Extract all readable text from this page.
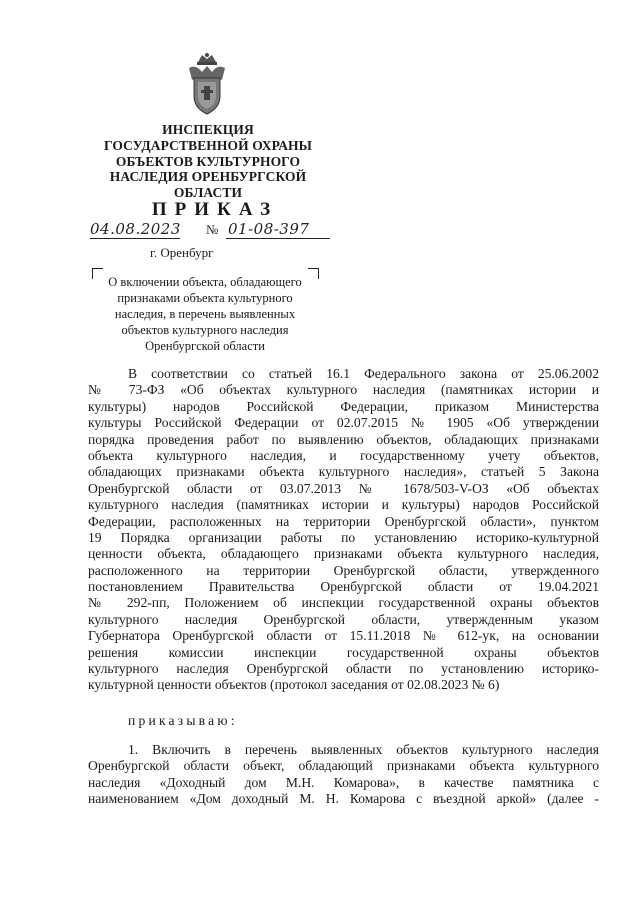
ИНСПЕКЦИЯ
ГОСУДАРСТВЕННОЙ ОХРАНЫ
ОБЪЕКТОВ КУЛЬТУРНОГО
НАСЛЕДИЯ ОРЕНБУРГСКОЙ
ОБЛАСТИ
ПРИКАЗ
04.08.2023 № 01-08-397
г. Оренбург
О включении объекта, обладающего
признаками объекта культурного
наследия, в перечень выявленных
объектов культурного наследия
Оренбургской области
В соответствии со статьей 16.1 Федерального закона от 25.06.2002
№ 73-ФЗ «Об объектах культурного наследия (памятниках истории и
культуры) народов Российской Федерации, приказом Министерства
культуры Российской Федерации от 02.07.2015 № 1905 «Об утверждении
порядка проведения работ по выявлению объектов, обладающих признаками
объекта культурного наследия, и государственному учету объектов,
обладающих признаками объекта культурного наследия», статьей 5 Закона
Оренбургской области от 03.07.2013 № 1678/503-V-ОЗ «Об объектах
культурного наследия (памятниках истории и культуры) народов Российской
Федерации, расположенных на территории Оренбургской области», пунктом
19 Порядка организации работы по установлению историко-культурной
ценности объекта, обладающего признаками объекта культурного наследия,
расположенного на территории Оренбургской области, утвержденного
постановлением Правительства Оренбургской области от 19.04.2021
№ 292-пп, Положением об инспекции государственной охраны объектов
культурного наследия Оренбургской области, утвержденным указом
Губернатора Оренбургской области от 15.11.2018 № 612-ук, на основании
решения комиссии инспекции государственной охраны объектов
культурного наследия Оренбургской области по установлению историко-
культурной ценности объектов (протокол заседания от 02.08.2023 № 6)
приказываю:
1. Включить в перечень выявленных объектов культурного наследия
Оренбургской области объект, обладающий признаками объекта культурного
наследия «Доходный дом М.Н. Комарова», в качестве памятника с
наименованием «Дом доходный М. Н. Комарова с въездной аркой» (далее -
